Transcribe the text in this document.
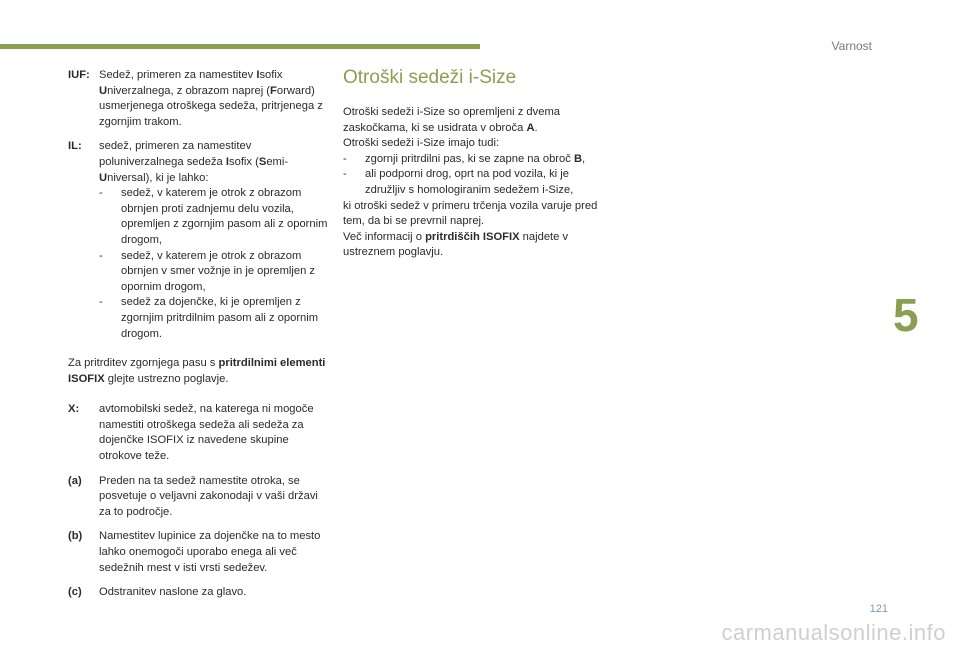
Varnost
5
121
carmanualsonline.info
IUF: Sedež, primeren za namestitev Isofix Univerzalnega, z obrazom naprej (Forward) usmerjenega otroškega sedeža, pritrjenega z zgornjim trakom.
IL:	sedež, primeren za namestitev poluniverzalnega sedeža Isofix (Semi-Universal), ki je lahko:
-	sedež, v katerem je otrok z obrazom obrnjen proti zadnjemu delu vozila, opremljen z zgornjim pasom ali z opornim drogom,
-	sedež, v katerem je otrok z obrazom obrnjen v smer vožnje in je opremljen z opornim drogom,
-	sedež za dojenčke, ki je opremljen z zgornjim pritrdilnim pasom ali z opornim drogom.
Za pritrditev zgornjega pasu s pritrdilnimi elementi ISOFIX glejte ustrezno poglavje.
X:	avtomobilski sedež, na katerega ni mogoče namestiti otroškega sedeža ali sedeža za dojenčke ISOFIX iz navedene skupine otrokove teže.
(a)	Preden na ta sedež namestite otroka, se posvetuje o veljavni zakonodaji v vaši državi za to področje.
(b)	Namestitev lupinice za dojenčke na to mesto lahko onemogoči uporabo enega ali več sedežnih mest v isti vrsti sedežev.
(c)	Odstranitev naslone za glavo.
Otroški sedeži i-Size
Otroški sedeži i-Size so opremljeni z dvema zaskočkama, ki se usidrata v obroča A.
Otroški sedeži i-Size imajo tudi:
-	zgornji pritrdilni pas, ki se zapne na obroč B,
-	ali podporni drog, oprt na pod vozila, ki je združljiv s homologiranim sedežem i-Size,
ki otroški sedež v primeru trčenja vozila varuje pred tem, da bi se prevrnil naprej.
Več informacij o pritrdiščih ISOFIX najdete v ustreznem poglavju.
